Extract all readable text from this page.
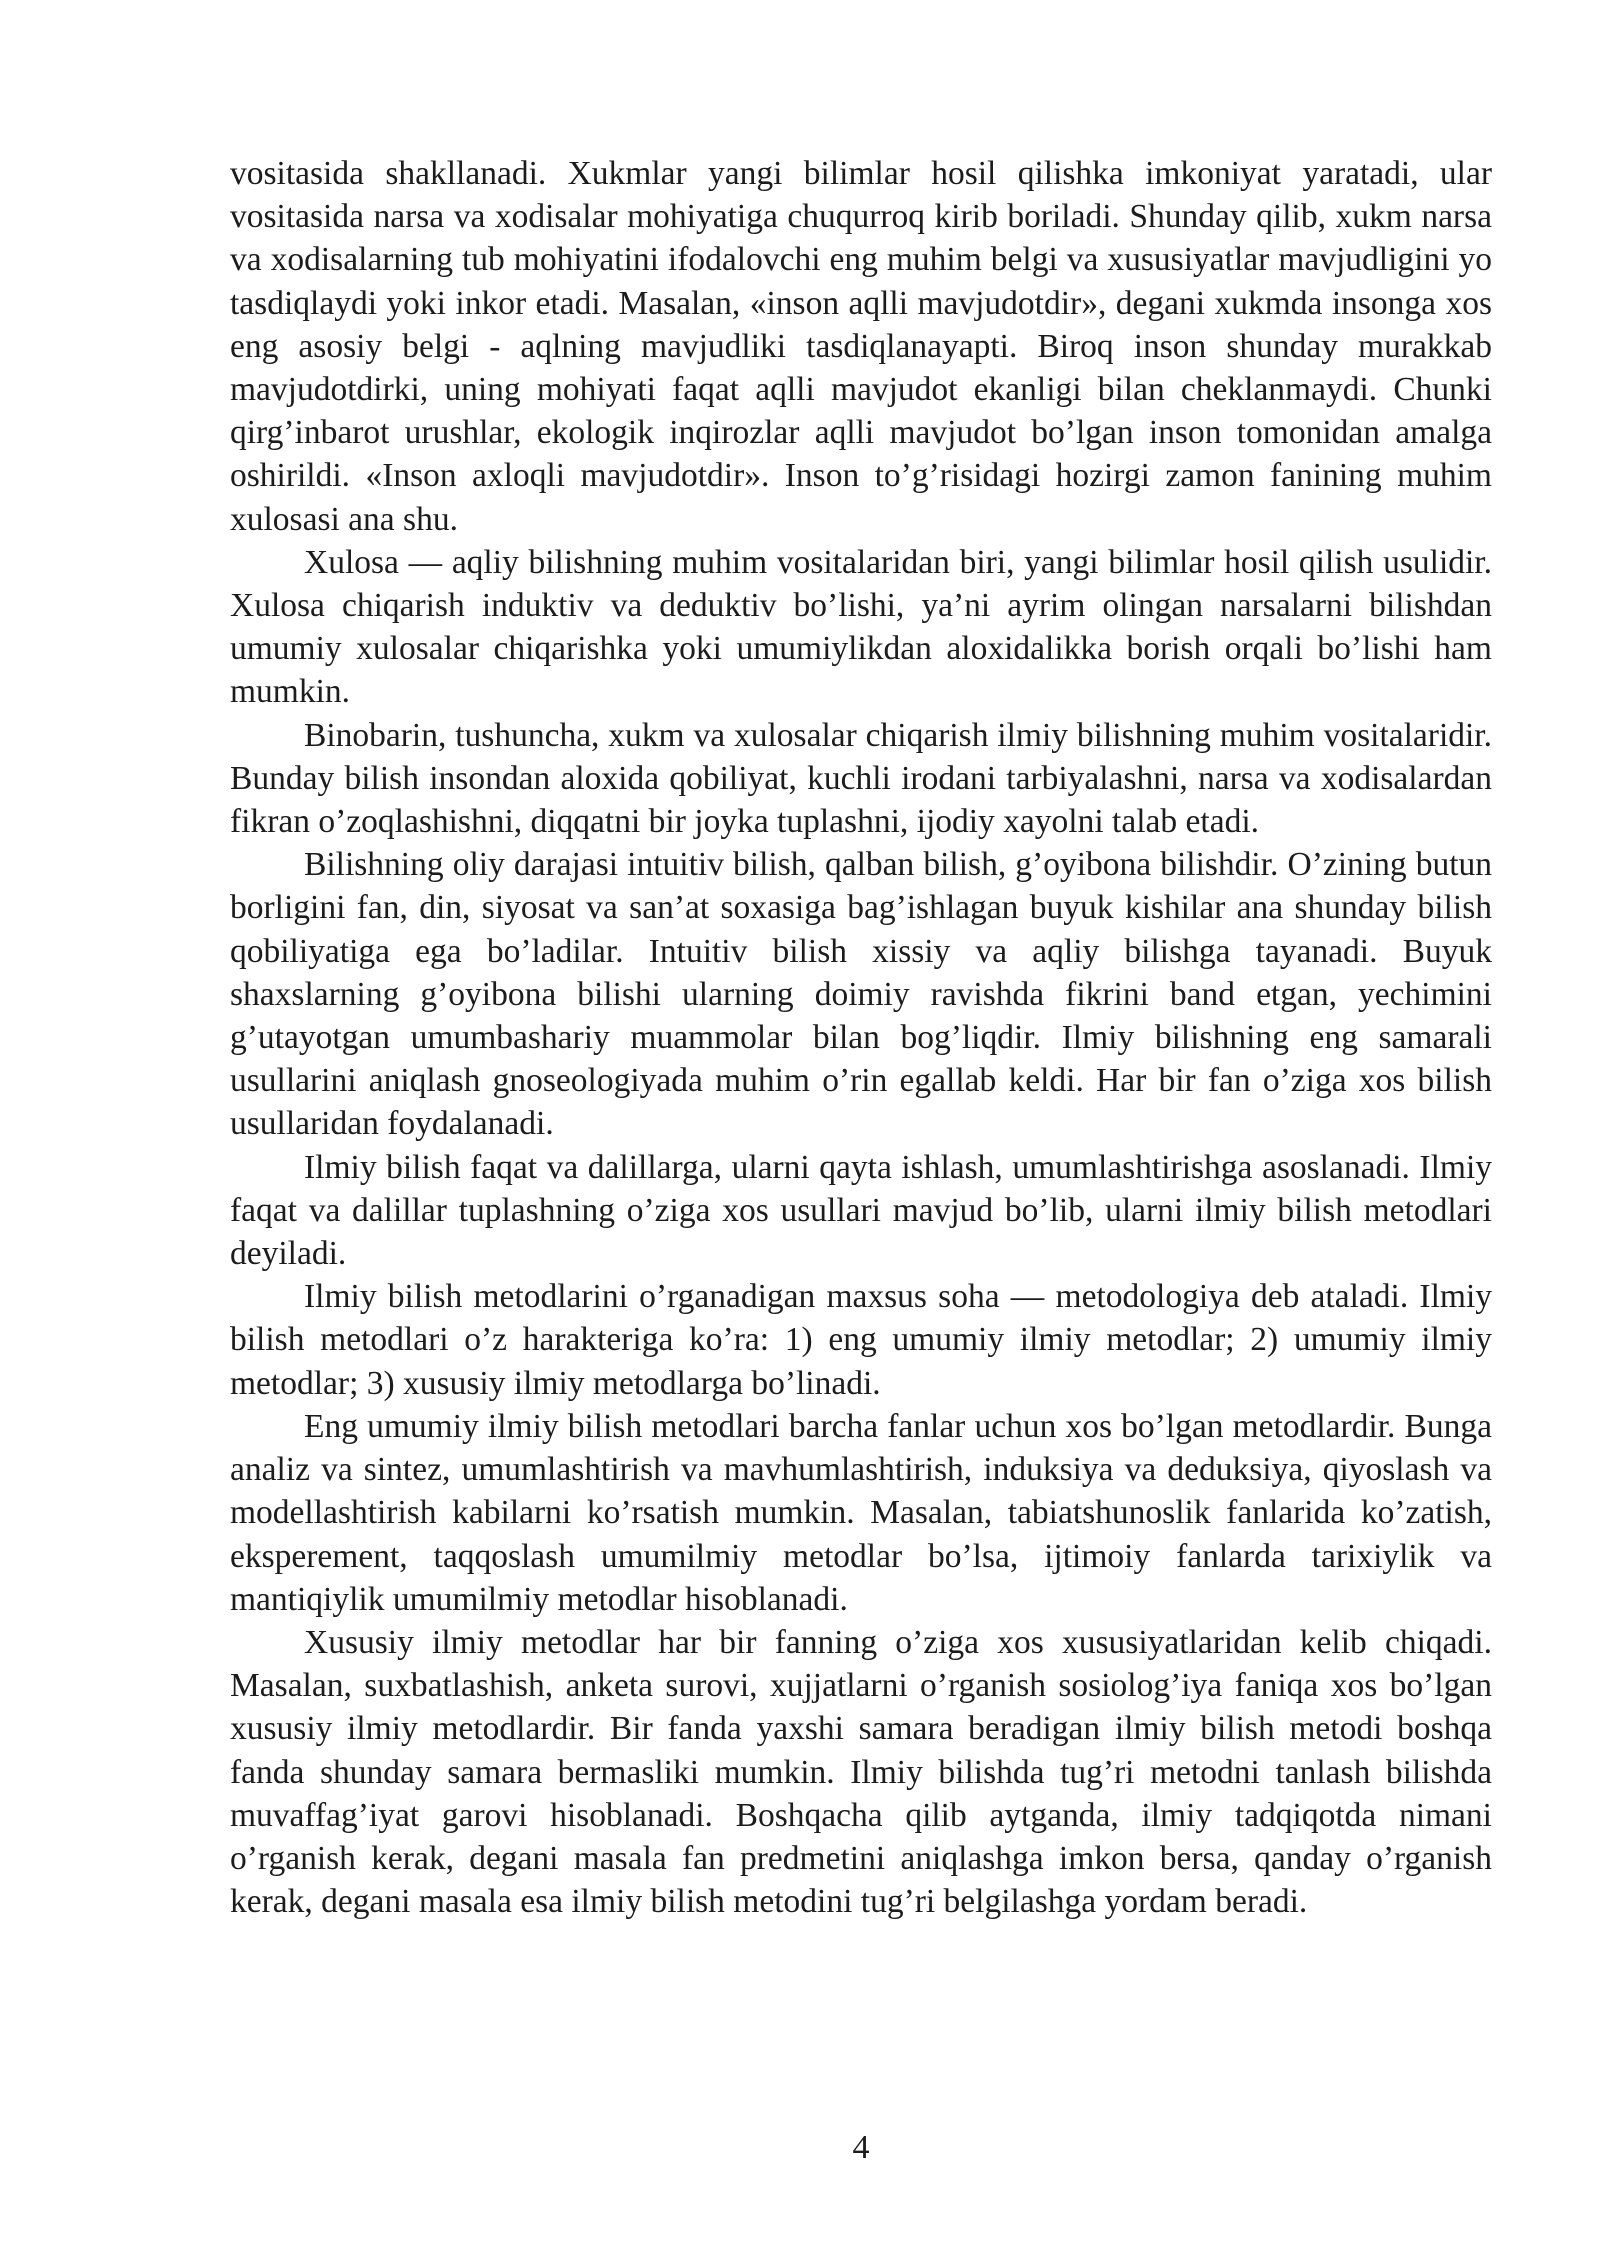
vositasida shakllanadi. Xukmlar yangi bilimlar hosil qilishka imkoniyat yaratadi, ular vositasida narsa va xodisalar mohiyatiga chuqurroq kirib boriladi. Shunday qilib, xukm narsa va xodisalarning tub mohiyatini ifodalovchi eng muhim belgi va xususiyatlar mavjudligini yo tasdiqlaydi yoki inkor etadi. Masalan, «inson aqlli mavjudotdir», degani xukmda insonga xos eng asosiy belgi - aqlning mavjudliki tasdiqlanayapti. Biroq inson shunday murakkab mavjudotdirki, uning mohiyati faqat aqlli mavjudot ekanligi bilan cheklanmaydi. Chunki qirg’inbarot urushlar, ekologik inqirozlar aqlli mavjudot bo’lgan inson tomonidan amalga oshirildi. «Inson axloqli mavjudotdir». Inson to’g’risidagi hozirgi zamon fanining muhim xulosasi ana shu.

Xulosa — aqliy bilishning muhim vositalaridan biri, yangi bilimlar hosil qilish usulidir. Xulosa chiqarish induktiv va deduktiv bo’lishi, ya’ni ayrim olingan narsalarni bilishdan umumiy xulosalar chiqarishka yoki umumiylikdan aloxidalikka borish orqali bo’lishi ham mumkin.

Binobarin, tushuncha, xukm va xulosalar chiqarish ilmiy bilishning muhim vositalaridir. Bunday bilish insondan aloxida qobiliyat, kuchli irodani tarbiyalashni, narsa va xodisalardan fikran o’zoqlashishni, diqqatni bir joyka tuplashni, ijodiy xayolni talab etadi.

Bilishning oliy darajasi intuitiv bilish, qalban bilish, g’oyibona bilishdir. O’zining butun borligini fan, din, siyosat va san’at soxasiga bag’ishlagan buyuk kishilar ana shunday bilish qobiliyatiga ega bo’ladilar. Intuitiv bilish xissiy va aqliy bilishga tayanadi. Buyuk shaxslarning g’oyibona bilishi ularning doimiy ravishda fikrini band etgan, yechimini g’utayotgan umumbashariy muammolar bilan bog’liqdir. Ilmiy bilishning eng samarali usullarini aniqlash gnoseologiyada muhim o’rin egallab keldi. Har bir fan o’ziga xos bilish usullaridan foydalanadi.

Ilmiy bilish faqat va dalillarga, ularni qayta ishlash, umumlashtirishga asoslanadi. Ilmiy faqat va dalillar tuplashning o’ziga xos usullari mavjud bo’lib, ularni ilmiy bilish metodlari deyiladi.

Ilmiy bilish metodlarini o’rganadigan maxsus soha — metodologiya deb ataladi. Ilmiy bilish metodlari o’z harakteriga ko’ra: 1) eng umumiy ilmiy metodlar; 2) umumiy ilmiy metodlar; 3) xususiy ilmiy metodlarga bo’linadi.

Eng umumiy ilmiy bilish metodlari barcha fanlar uchun xos bo’lgan metodlardir. Bunga analiz va sintez, umumlashtirish va mavhumlashtirish, induksiya va deduksiya, qiyoslash va modellashtirish kabilarni ko’rsatish mumkin. Masalan, tabiatshunoslik fanlarida ko’zatish, eksperement, taqqoslash umumilmiy metodlar bo’lsa, ijtimoiy fanlarda tarixiylik va mantiqiylik umumilmiy metodlar hisoblanadi.

Xususiy ilmiy metodlar har bir fanning o’ziga xos xususiyatlaridan kelib chiqadi. Masalan, suxbatlashish, anketa surovi, xujjatlarni o’rganish sosiolog’iya faniqa xos bo’lgan xususiy ilmiy metodlardir. Bir fanda yaxshi samara beradigan ilmiy bilish metodi boshqa fanda shunday samara bermasliki mumkin. Ilmiy bilishda tug’ri metodni tanlash bilishda muvaffag’iyat garovi hisoblanadi. Boshqacha qilib aytganda, ilmiy tadqiqotda nimani o’rganish kerak, degani masala fan predmetini aniqlashga imkon bersa, qanday o’rganish kerak, degani masala esa ilmiy bilish metodini tug’ri belgilashga yordam beradi.

4
